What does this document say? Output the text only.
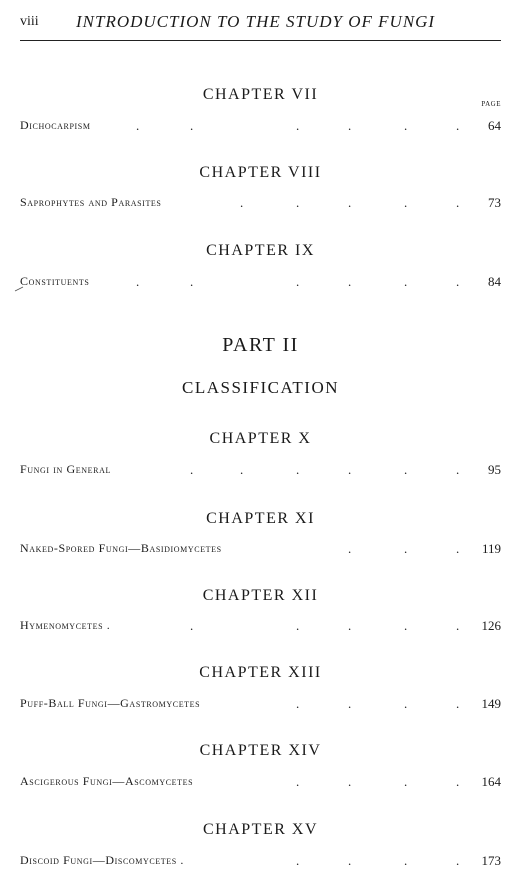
viii INTRODUCTION TO THE STUDY OF FUNGI
PAGE
CHAPTER VII
Dichocarpism	.	.	.	.	.	. 64
CHAPTER VIII
Saprophytes and Parasites	.	.	.	.	. 73
CHAPTER IX
Constituents	.	.	.	.	.	. 84
PART II
CLASSIFICATION
CHAPTER X
Fungi in General	.	.	.	.	.	. 95
CHAPTER XI
Naked-Spored Fungi—Basidiomycetes	.	.	. 119
CHAPTER XII
Hymenomycetes .	.	.	.	.	. 126
CHAPTER XIII
Puff-Ball Fungi—Gastromycetes	.	.	.	. 149
CHAPTER XIV
Ascigerous Fungi—Ascomycetes	.	.	.	. 164
CHAPTER XV
Discoid Fungi—Discomycetes .	.	.	.	. 173
